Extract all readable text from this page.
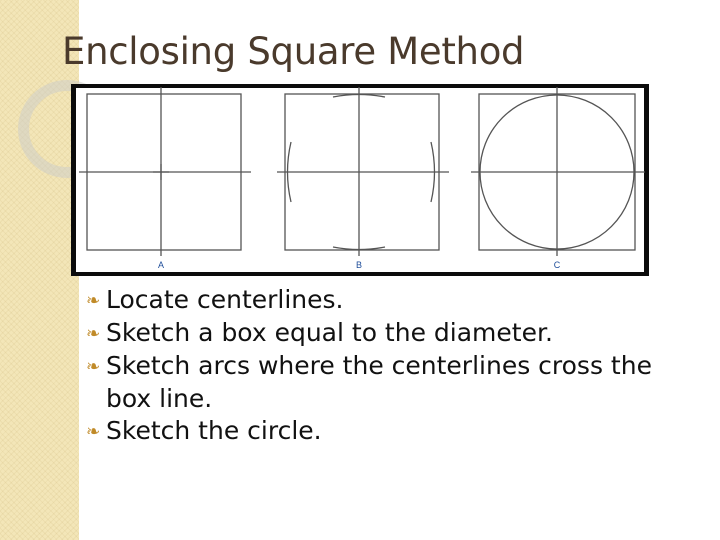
Enclosing Square Method
A	B	C
❧ Locate centerlines.
❧ Sketch a box equal to the diameter.
❧ Sketch arcs where the centerlines cross the box line.
❧ Sketch the circle.
